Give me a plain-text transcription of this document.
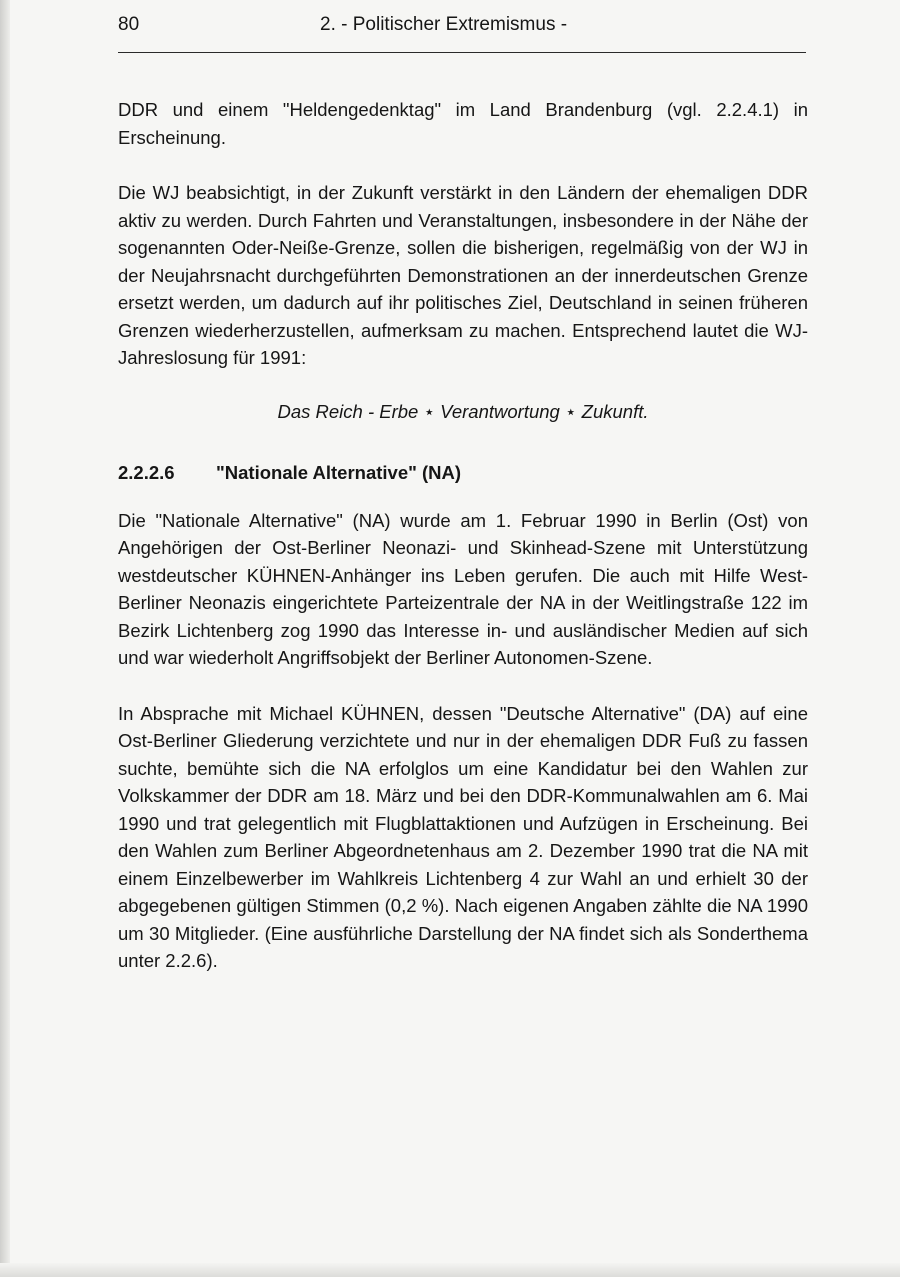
80	2. - Politischer Extremismus -

DDR und einem "Heldengedenktag" im Land Brandenburg (vgl. 2.2.4.1) in Erscheinung.

Die WJ beabsichtigt, in der Zukunft verstärkt in den Ländern der ehemaligen DDR aktiv zu werden. Durch Fahrten und Veranstaltungen, insbesondere in der Nähe der sogenannten Oder-Neiße-Grenze, sollen die bisherigen, regelmäßig von der WJ in der Neujahrsnacht durchgeführten Demonstrationen an der innerdeutschen Grenze ersetzt werden, um dadurch auf ihr politisches Ziel, Deutschland in seinen früheren Grenzen wiederherzustellen, aufmerksam zu machen. Entsprechend lautet die WJ-Jahreslosung für 1991:

Das Reich - Erbe ⋆ Verantwortung ⋆ Zukunft.

2.2.2.6	"Nationale Alternative" (NA)

Die "Nationale Alternative" (NA) wurde am 1. Februar 1990 in Berlin (Ost) von Angehörigen der Ost-Berliner Neonazi- und Skinhead-Szene mit Unterstützung westdeutscher KÜHNEN-Anhänger ins Leben gerufen. Die auch mit Hilfe West-Berliner Neonazis eingerichtete Parteizentrale der NA in der Weitlingstraße 122 im Bezirk Lichtenberg zog 1990 das Interesse in- und ausländischer Medien auf sich und war wiederholt Angriffsobjekt der Berliner Autonomen-Szene.

In Absprache mit Michael KÜHNEN, dessen "Deutsche Alternative" (DA) auf eine Ost-Berliner Gliederung verzichtete und nur in der ehemaligen DDR Fuß zu fassen suchte, bemühte sich die NA erfolglos um eine Kandidatur bei den Wahlen zur Volkskammer der DDR am 18. März und bei den DDR-Kommunalwahlen am 6. Mai 1990 und trat gelegentlich mit Flugblattaktionen und Aufzügen in Erscheinung. Bei den Wahlen zum Berliner Abgeordnetenhaus am 2. Dezember 1990 trat die NA mit einem Einzelbewerber im Wahlkreis Lichtenberg 4 zur Wahl an und erhielt 30 der abgegebenen gültigen Stimmen (0,2 %). Nach eigenen Angaben zählte die NA 1990 um 30 Mitglieder. (Eine ausführliche Darstellung der NA findet sich als Sonderthema unter 2.2.6).
